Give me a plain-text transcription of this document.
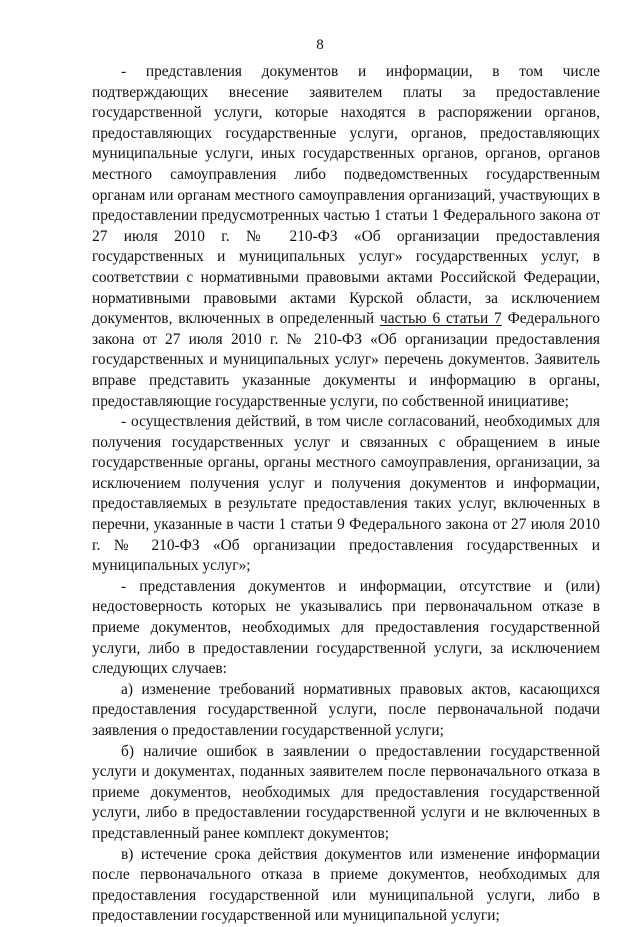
8

- представления документов и информации, в том числе подтверждающих внесение заявителем платы за предоставление государственной услуги, которые находятся в распоряжении органов, предоставляющих государственные услуги, органов, предоставляющих муниципальные услуги, иных государственных органов, органов, органов местного самоуправления либо подведомственных государственным органам или органам местного самоуправления организаций, участвующих в предоставлении предусмотренных частью 1 статьи 1 Федерального закона от 27 июля 2010 г. № 210-ФЗ «Об организации предоставления государственных и муниципальных услуг» государственных услуг, в соответствии с нормативными правовыми актами Российской Федерации, нормативными правовыми актами Курской области, за исключением документов, включенных в определенный частью 6 статьи 7 Федерального закона от 27 июля 2010 г. № 210-ФЗ «Об организации предоставления государственных и муниципальных услуг» перечень документов. Заявитель вправе представить указанные документы и информацию в органы, предоставляющие государственные услуги, по собственной инициативе;

- осуществления действий, в том числе согласований, необходимых для получения государственных услуг и связанных с обращением в иные государственные органы, органы местного самоуправления, организации, за исключением получения услуг и получения документов и информации, предоставляемых в результате предоставления таких услуг, включенных в перечни, указанные в части 1 статьи 9 Федерального закона от 27 июля 2010 г. № 210-ФЗ «Об организации предоставления государственных и муниципальных услуг»;

- представления документов и информации, отсутствие и (или) недостоверность которых не указывались при первоначальном отказе в приеме документов, необходимых для предоставления государственной услуги, либо в предоставлении государственной услуги, за исключением следующих случаев:

а) изменение требований нормативных правовых актов, касающихся предоставления государственной услуги, после первоначальной подачи заявления о предоставлении государственной услуги;

б) наличие ошибок в заявлении о предоставлении государственной услуги и документах, поданных заявителем после первоначального отказа в приеме документов, необходимых для предоставления государственной услуги, либо в предоставлении государственной услуги и не включенных в представленный ранее комплект документов;

в) истечение срока действия документов или изменение информации после первоначального отказа в приеме документов, необходимых для предоставления государственной или муниципальной услуги, либо в предоставлении государственной или муниципальной услуги;
